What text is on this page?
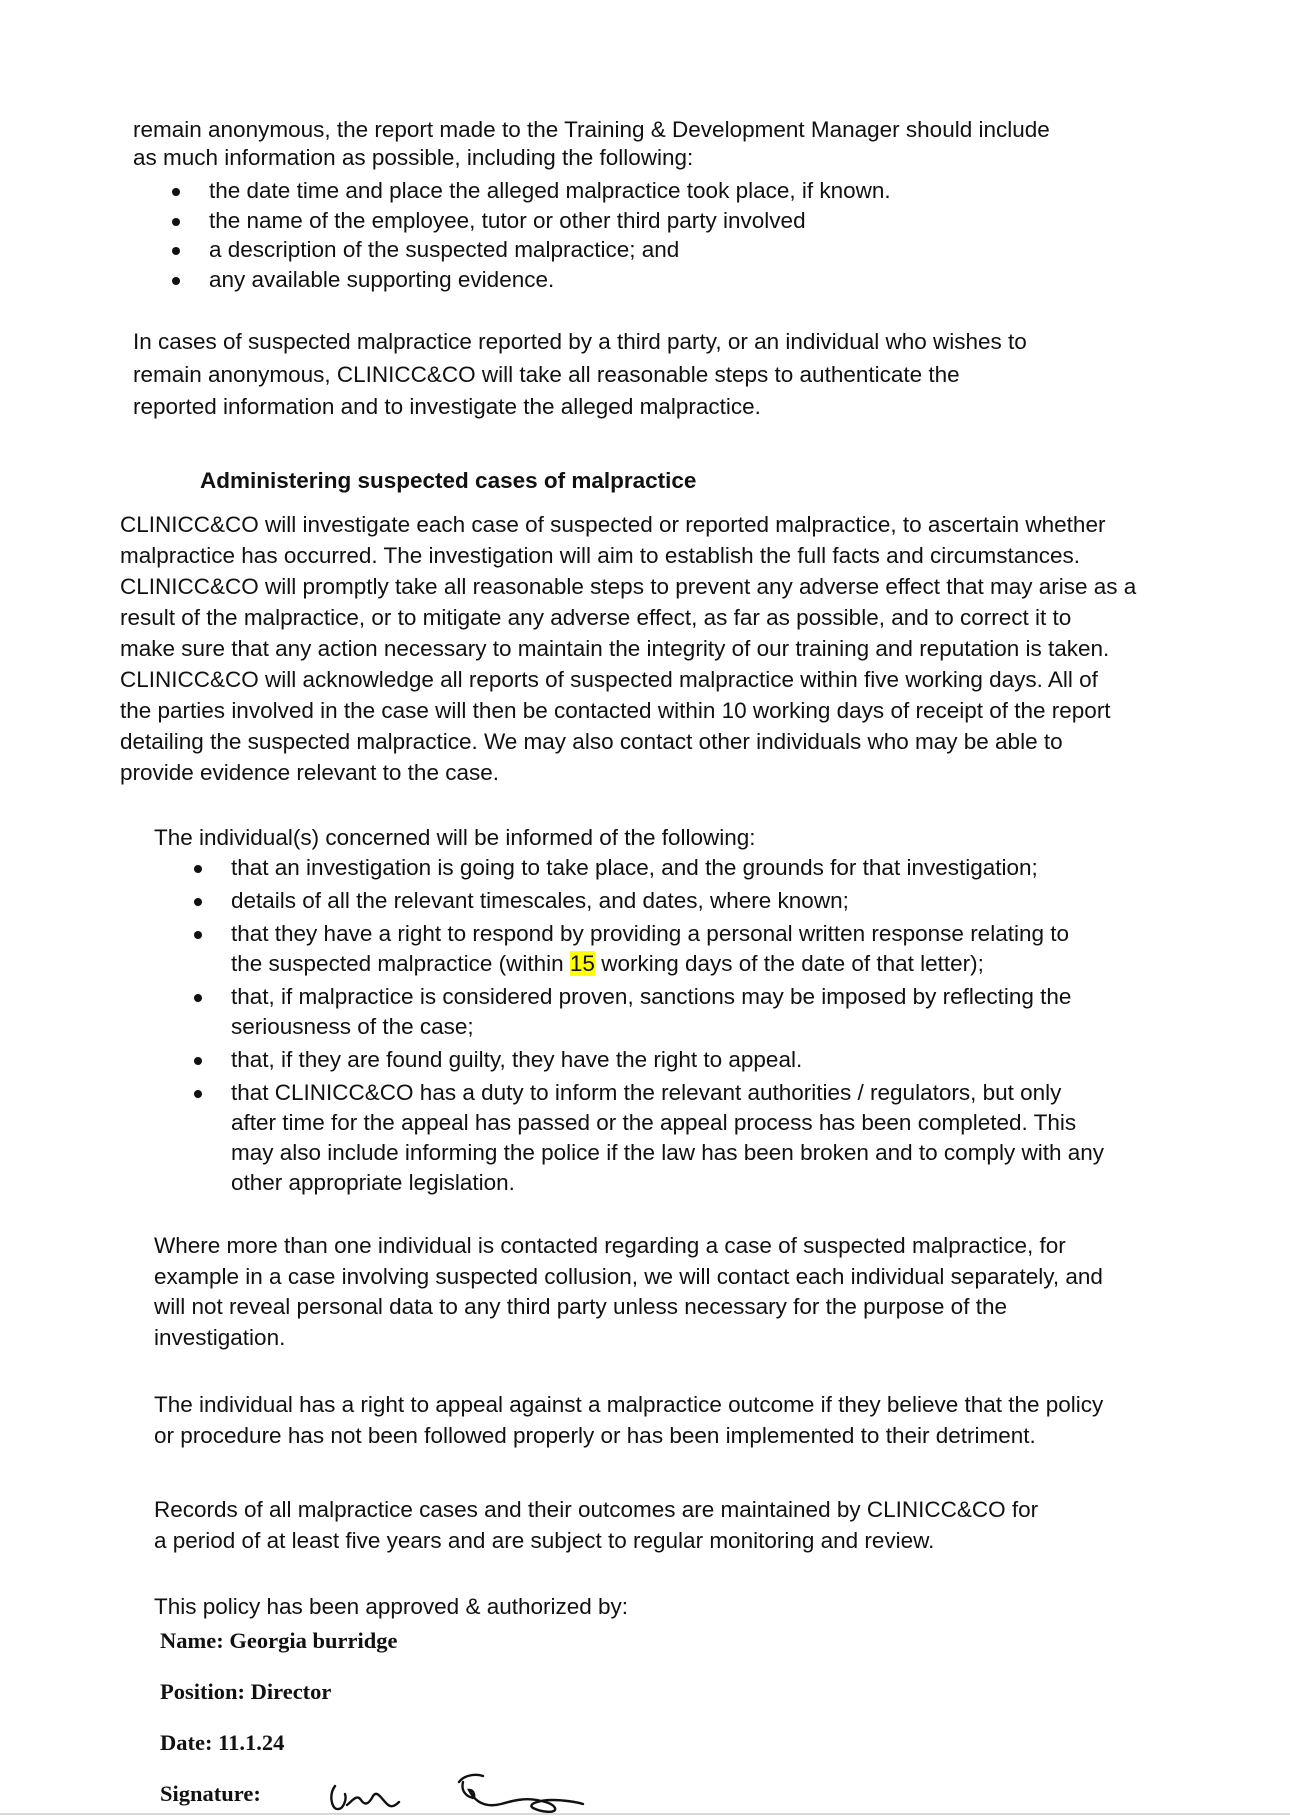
remain anonymous, the report made to the Training & Development Manager should include
as much information as possible, including the following:
the date time and place the alleged malpractice took place, if known.
the name of the employee, tutor or other third party involved
a description of the suspected malpractice; and
any available supporting evidence.
In cases of suspected malpractice reported by a third party, or an individual who wishes to
remain anonymous, CLINICC&CO will take all reasonable steps to authenticate the
reported information and to investigate the alleged malpractice.
Administering suspected cases of malpractice
CLINICC&CO will investigate each case of suspected or reported malpractice, to ascertain whether
malpractice has occurred. The investigation will aim to establish the full facts and circumstances.
CLINICC&CO will promptly take all reasonable steps to prevent any adverse effect that may arise as a
result of the malpractice, or to mitigate any adverse effect, as far as possible, and to correct it to
make sure that any action necessary to maintain the integrity of our training and reputation is taken.
CLINICC&CO will acknowledge all reports of suspected malpractice within five working days. All of
the parties involved in the case will then be contacted within 10 working days of receipt of the report
detailing the suspected malpractice. We may also contact other individuals who may be able to
provide evidence relevant to the case.
The individual(s) concerned will be informed of the following:
that an investigation is going to take place, and the grounds for that investigation;
details of all the relevant timescales, and dates, where known;
that they have a right to respond by providing a personal written response relating to
the suspected malpractice (within 15 working days of the date of that letter);
that, if malpractice is considered proven, sanctions may be imposed by reflecting the
seriousness of the case;
that, if they are found guilty, they have the right to appeal.
that CLINICC&CO has a duty to inform the relevant authorities / regulators, but only
after time for the appeal has passed or the appeal process has been completed. This
may also include informing the police if the law has been broken and to comply with any
other appropriate legislation.
Where more than one individual is contacted regarding a case of suspected malpractice, for
example in a case involving suspected collusion, we will contact each individual separately, and
will not reveal personal data to any third party unless necessary for the purpose of the
investigation.
The individual has a right to appeal against a malpractice outcome if they believe that the policy
or procedure has not been followed properly or has been implemented to their detriment.
Records of all malpractice cases and their outcomes are maintained by CLINICC&CO for
a period of at least five years and are subject to regular monitoring and review.
This policy has been approved & authorized by:
Name: Georgia burridge
Position: Director
Date: 11.1.24
Signature:
